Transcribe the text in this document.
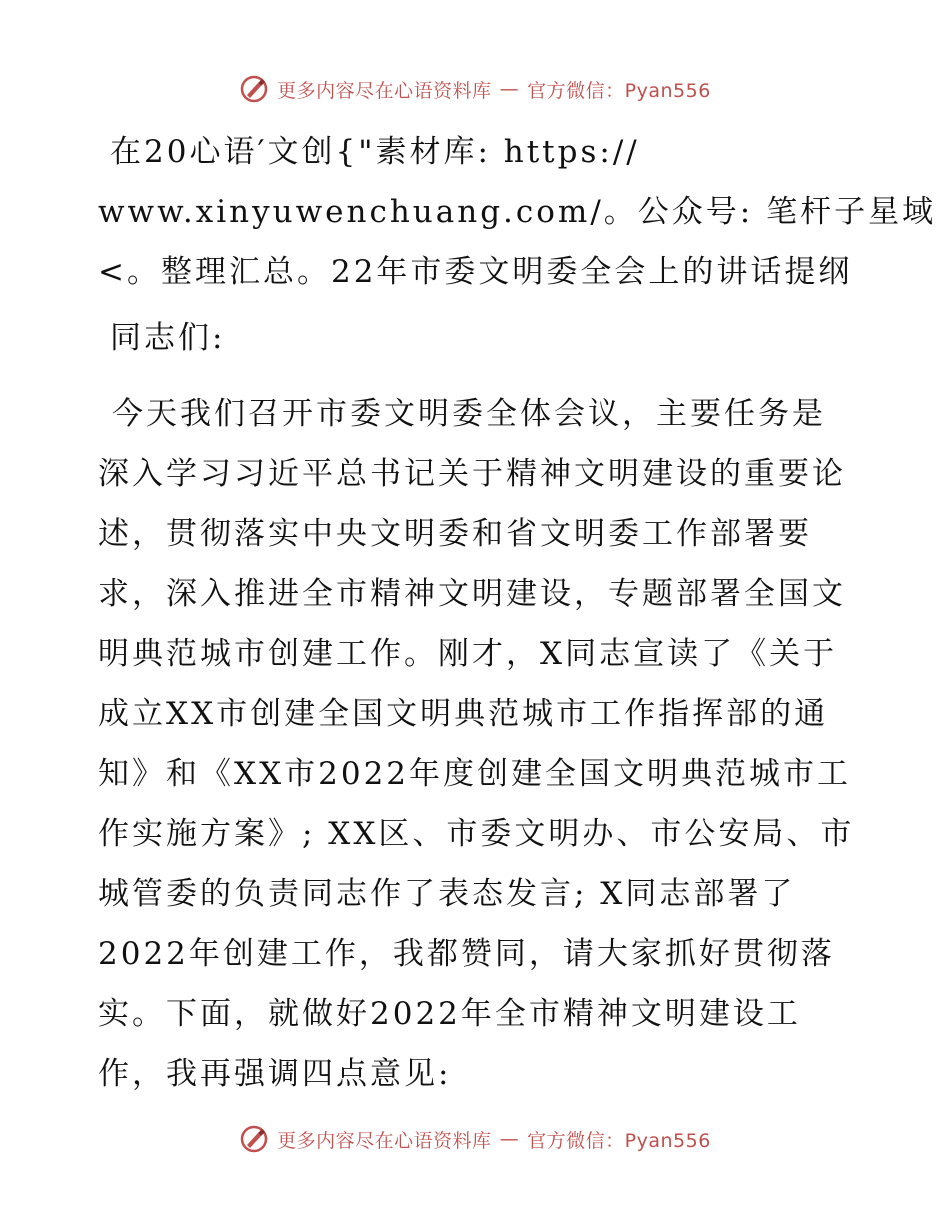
更多内容尽在心语资料库 — 官方微信：Pyan556
在20心语′文创{"素材库: https://
www.xinyuwenchuang.com/。公众号: 笔杆子星域
<。整理汇总。22年市委文明委全会上的讲话提纲
同志们:
今天我们召开市委文明委全体会议，主要任务是
深入学习习近平总书记关于精神文明建设的重要论
述，贯彻落实中央文明委和省文明委工作部署要
求，深入推进全市精神文明建设，专题部署全国文
明典范城市创建工作。刚才，X同志宣读了《关于
成立XX市创建全国文明典范城市工作指挥部的通
知》和《XX市2022年度创建全国文明典范城市工
作实施方案》; XX区、市委文明办、市公安局、市
城管委的负责同志作了表态发言; X同志部署了
2022年创建工作，我都赞同，请大家抓好贯彻落
实。下面，就做好2022年全市精神文明建设工
作，我再强调四点意见:
更多内容尽在心语资料库 — 官方微信：Pyan556
